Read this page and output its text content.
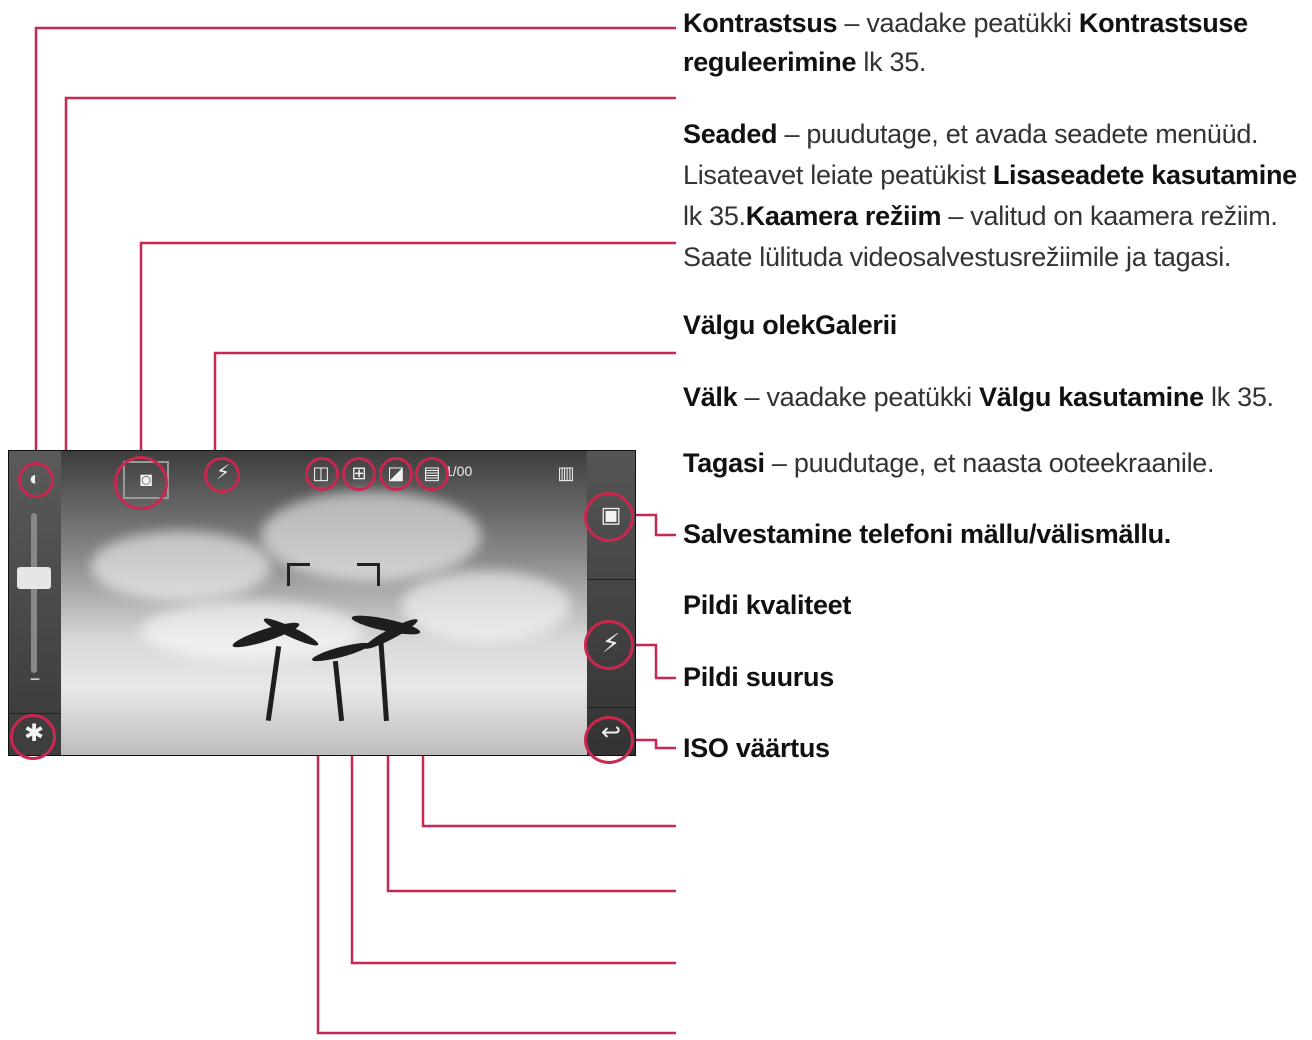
Kontrastsus – vaadake peatükki Kontrastsuse
reguleerimine lk 35.
Seaded – puudutage, et avada seadete menüüd.
Lisateavet leiate peatükist Lisaseadete kasutamine
lk 35.Kaamera režiim – valitud on kaamera režiim.
Saate lülituda videosalvestusrežiimile ja tagasi.
Välgu olekGalerii
Välk – vaadake peatükki Välgu kasutamine lk 35.
Tagasi – puudutage, et naasta ooteekraanile.
Salvestamine telefoni mällu/välismällu.
Pildi kvaliteet
Pildi suurus
ISO väärtus
◐
−
✱
◙	⚡	◫	⊞	◪	▤ 1/00	▥
▣
⚡
↩
